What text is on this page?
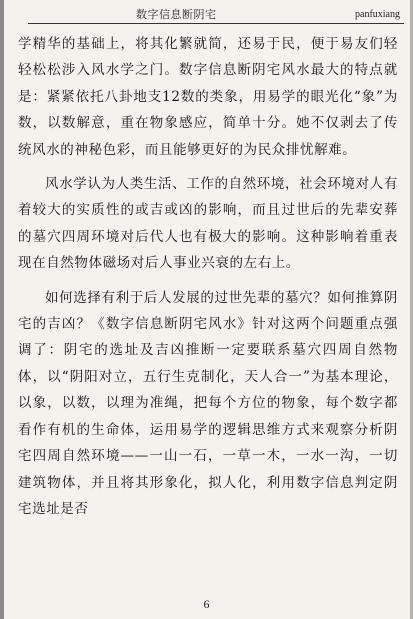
数字信息断阴宅	panfuxiang

学精华的基础上，将其化繁就简，还易于民，便于易友们轻轻松松涉入风水学之门。数字信息断阴宅风水最大的特点就是：紧紧依托八卦地支12数的类象，用易学的眼光化“象”为数，以数解意，重在物象感应，简单十分。她不仅剥去了传统风水的神秘色彩，而且能够更好的为民众排忧解难。

风水学认为人类生活、工作的自然环境，社会环境对人有着较大的实质性的或吉或凶的影响，而且过世后的先辈安葬的墓穴四周环境对后代人也有极大的影响。这种影响着重表现在自然物体磁场对后人事业兴衰的左右上。

如何选择有利于后人发展的过世先辈的墓穴？如何推算阴宅的吉凶？《数字信息断阴宅风水》针对这两个问题重点强调了：阴宅的选址及吉凶推断一定要联系墓穴四周自然物体，以“阴阳对立，五行生克制化，天人合一”为基本理论，以象，以数，以理为准绳，把每个方位的物象，每个数字都看作有机的生命体，运用易学的逻辑思维方式来观察分析阴宅四周自然环境——一山一石，一草一木，一水一沟，一切建筑物体，并且将其形象化，拟人化，利用数字信息判定阴宅选址是否

6
